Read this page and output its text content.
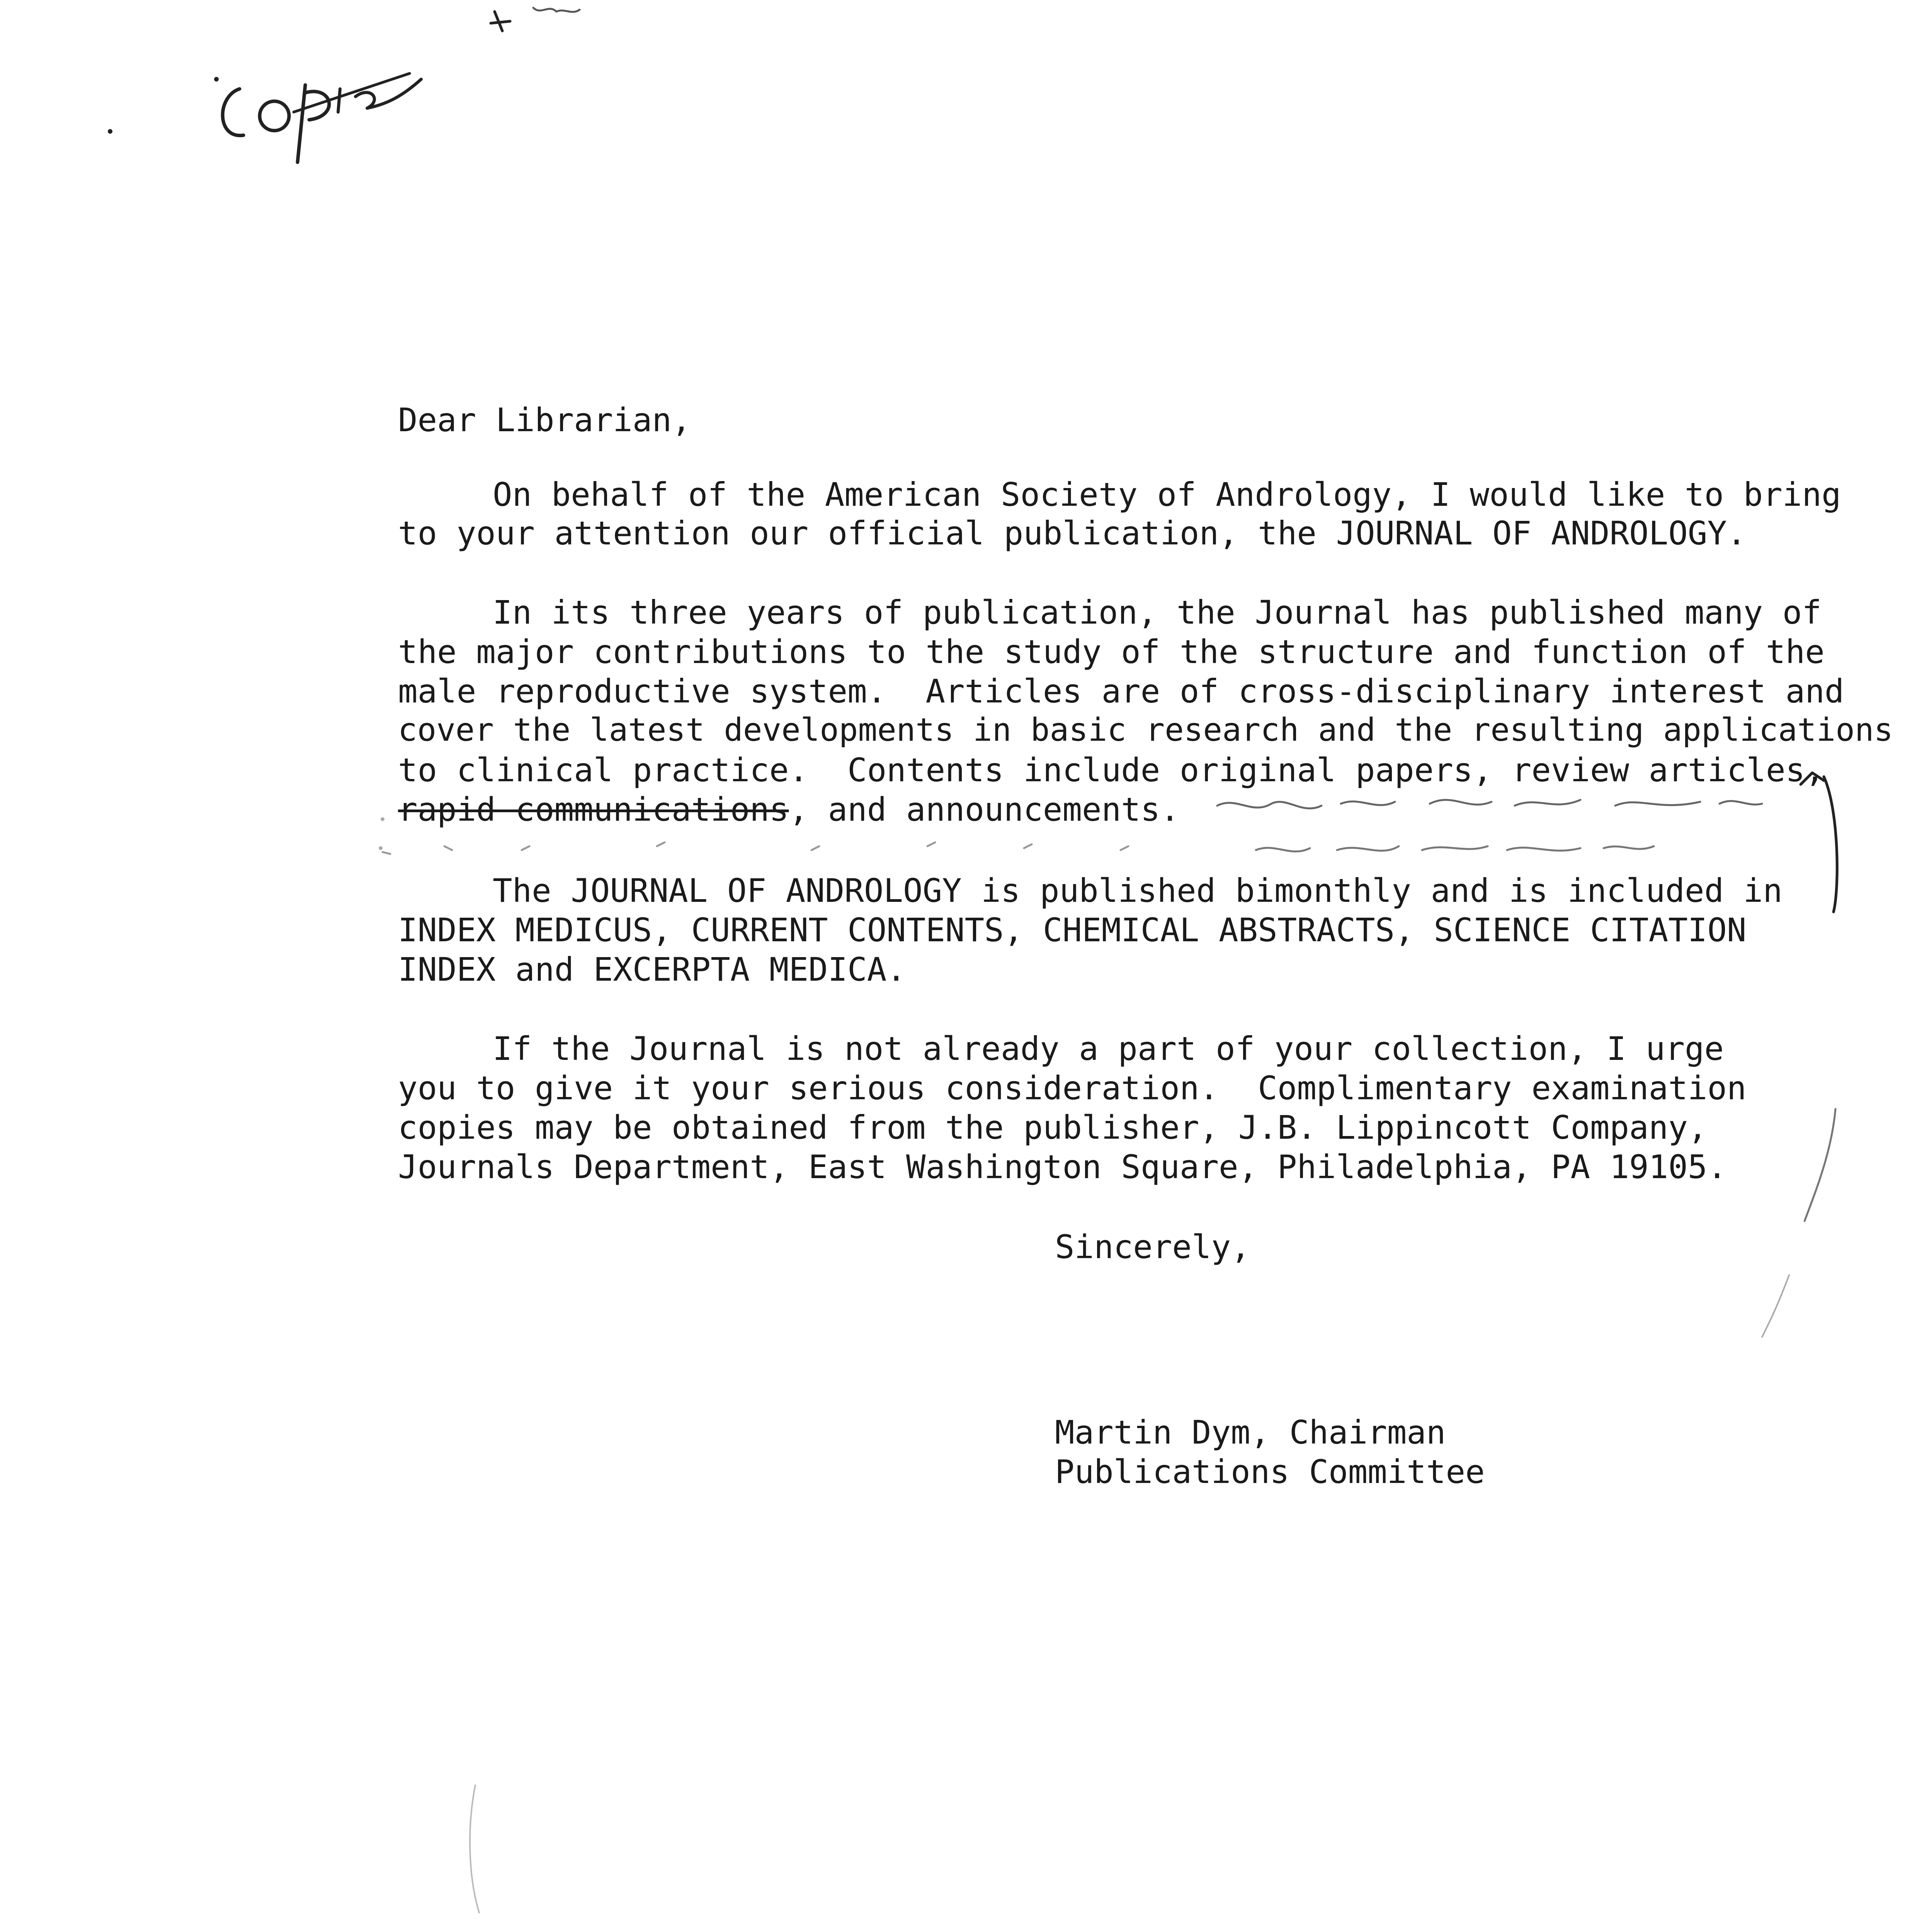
Dear Librarian,
On behalf of the American Society of Andrology, I would like to bring
to your attention our official publication, the JOURNAL OF ANDROLOGY.
In its three years of publication, the Journal has published many of
the major contributions to the study of the structure and function of the
male reproductive system.  Articles are of cross-disciplinary interest and
cover the latest developments in basic research and the resulting applications
to clinical practice.  Contents include original papers, review articles,
rapid communications, and announcements.
The JOURNAL OF ANDROLOGY is published bimonthly and is included in
INDEX MEDICUS, CURRENT CONTENTS, CHEMICAL ABSTRACTS, SCIENCE CITATION
INDEX and EXCERPTA MEDICA.
If the Journal is not already a part of your collection, I urge
you to give it your serious consideration.  Complimentary examination
copies may be obtained from the publisher, J.B. Lippincott Company,
Journals Department, East Washington Square, Philadelphia, PA 19105.
Sincerely,
Martin Dym, Chairman
Publications Committee
